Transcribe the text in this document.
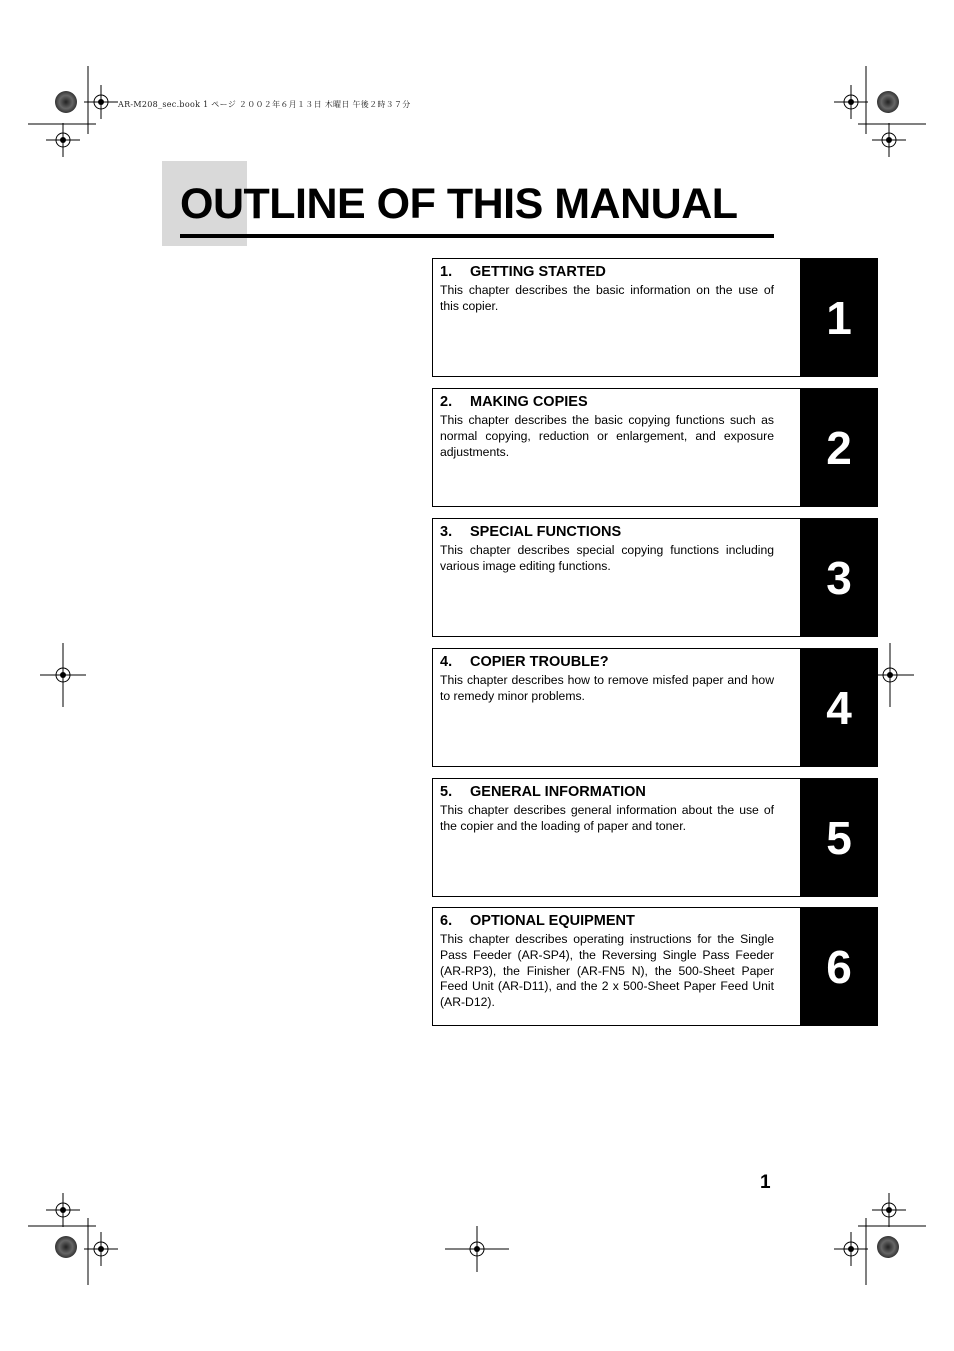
AR-M208_sec.book 1 ページ ２００２年６月１３日 木曜日 午後２時３７分
OUTLINE OF THIS MANUAL
1. GETTING STARTED
This chapter describes the basic information on the use of this copier.	1
2. MAKING COPIES
This chapter describes the basic copying functions such as normal copying, reduction or enlargement, and exposure adjustments.	2
3. SPECIAL FUNCTIONS
This chapter describes special copying functions including various image editing functions.	3
4. COPIER TROUBLE?
This chapter describes how to remove misfed paper and how to remedy minor problems.	4
5. GENERAL INFORMATION
This chapter describes general information about the use of the copier and the loading of paper and toner.	5
6. OPTIONAL EQUIPMENT
This chapter describes operating instructions for the Single Pass Feeder (AR-SP4), the Reversing Single Pass Feeder (AR-RP3), the Finisher (AR-FN5 N), the 500-Sheet Paper Feed Unit (AR-D11), and the 2 x 500-Sheet Paper Feed Unit (AR-D12).
6
1
